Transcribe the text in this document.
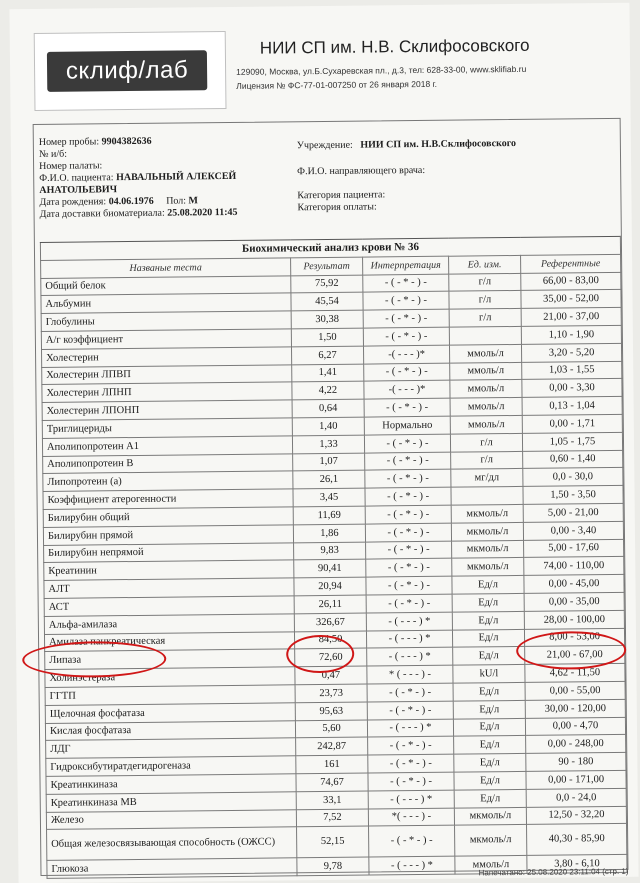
склиф/лаб
НИИ СП им. Н.В. Склифосовского
129090, Москва, ул.Б.Сухаревская пл., д.3, тел: 628-33-00, www.sklifiab.ru
Лицензия № ФС-77-01-007250 от 26 января 2018 г.
Номер пробы: 9904382636
№ и/б:
Номер палаты:
Ф.И.О. пациента: НАВАЛЬНЫЙ АЛЕКСЕЙ
АНАТОЛЬЕВИЧ
Дата рождения: 04.06.1976 Пол: М
Дата доставки биоматериала: 25.08.2020 11:45
Учреждение: НИИ СП им. Н.В.Склифосовского
Ф.И.О. направляющего врача:
Категория пациента:
Категория оплаты:
Биохимический анализ крови № 36				
Названые теста	Результат	Интерпретация	Ед. изм.	Референтные
Общий белок	75,92	- ( - * - ) -	г/л	66,00 - 83,00
Альбумин	45,54	- ( - * - ) -	г/л	35,00 - 52,00
Глобулины	30,38	- ( - * - ) -	г/л	21,00 - 37,00
А/г коэффициент	1,50	- ( - * - ) -		1,10 - 1,90
Холестерин	6,27	-( - - - )*	ммоль/л	3,20 - 5,20
Холестерин ЛПВП	1,41	- ( - * - ) -	ммоль/л	1,03 - 1,55
Холестерин ЛПНП	4,22	-( - - - )*	ммоль/л	0,00 - 3,30
Холестерин ЛПОНП	0,64	- ( - * - ) -	ммоль/л	0,13 - 1,04
Триглицериды	1,40	Нормально	ммоль/л	0,00 - 1,71
Аполипопротеин А1	1,33	- ( - * - ) -	г/л	1,05 - 1,75
Аполипопротеин В	1,07	- ( - * - ) -	г/л	0,60 - 1,40
Липопротеин (а)	26,1	- ( - * - ) -	мг/дл	0,0 - 30,0
Коэффициент атерогенности	3,45	- ( - * - ) -		1,50 - 3,50
Билирубин общий	11,69	- ( - * - ) -	мкмоль/л	5,00 - 21,00
Билирубин прямой	1,86	- ( - * - ) -	мкмоль/л	0,00 - 3,40
Билирубин непрямой	9,83	- ( - * - ) -	мкмоль/л	5,00 - 17,60
Креатинин	90,41	- ( - * - ) -	мкмоль/л	74,00 - 110,00
АЛТ	20,94	- ( - * - ) -	Ед/л	0,00 - 45,00
АСТ	26,11	- ( - * - ) -	Ед/л	0,00 - 35,00
Альфа-амилаза	326,67	- ( - - - ) *	Ед/л	28,00 - 100,00
Амилаза панкреатическая	84,50	- ( - - - ) *	Ед/л	8,00 - 53,00
Липаза	72,60	- ( - - - ) *	Ед/л	21,00 - 67,00
Холинэстераза	0,47	* ( - - - ) -	kU/l	4,62 - 11,50
ГГТП	23,73	- ( - * - ) -	Ед/л	0,00 - 55,00
Щелочная фосфатаза	95,63	- ( - * - ) -	Ед/л	30,00 - 120,00
Кислая фосфатаза	5,60	- ( - - - ) *	Ед/л	0,00 - 4,70
ЛДГ	242,87	- ( - * - ) -	Ед/л	0,00 - 248,00
Гидроксибутиратдегидрогеназа	161	- ( - * - ) -	Ед/л	90 - 180
Креатинкиназа	74,67	- ( - * - ) -	Ед/л	0,00 - 171,00
Креатинкиназа МВ	33,1	- ( - - - ) *	Ед/л	0,0 - 24,0
Железо	7,52	*( - - - ) -	мкмоль/л	12,50 - 32,20
Общая железосвязывающая способность (ОЖСС)	52,15	- ( - * - ) -	мкмоль/л	40,30 - 85,90
Глюкоза	9,78	- ( - - - ) *	ммоль/л	3,80 - 6,10
Напечатано: 25.08.2020 23:11:04 (стр. 1)
